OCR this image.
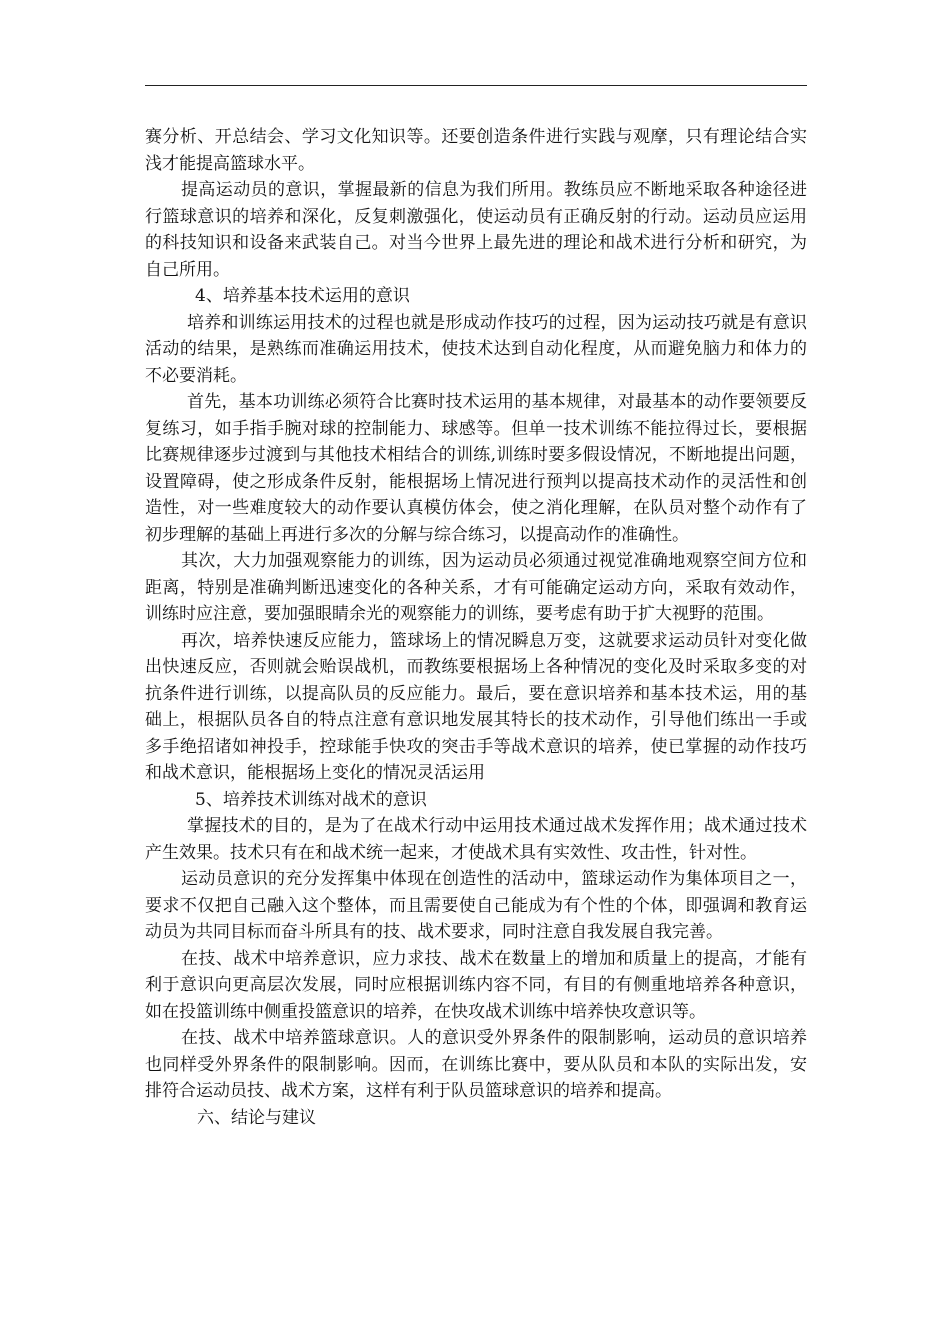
赛分析、开总结会、学习文化知识等。还要创造条件进行实践与观摩，只有理论结合实浅才能提高篮球水平。

提高运动员的意识，掌握最新的信息为我们所用。教练员应不断地采取各种途径进行篮球意识的培养和深化，反复刺激强化，使运动员有正确反射的行动。运动员应运用的科技知识和设备来武装自己。对当今世界上最先进的理论和战术进行分析和研究，为自己所用。

4、培养基本技术运用的意识

培养和训练运用技术的过程也就是形成动作技巧的过程，因为运动技巧就是有意识活动的结果，是熟练而准确运用技术，使技术达到自动化程度，从而避免脑力和体力的不必要消耗。

首先，基本功训练必须符合比赛时技术运用的基本规律，对最基本的动作要领要反复练习，如手指手腕对球的控制能力、球感等。但单一技术训练不能拉得过长，要根据比赛规律逐步过渡到与其他技术相结合的训练,训练时要多假设情况，不断地提出问题，设置障碍，使之形成条件反射，能根据场上情况进行预判以提高技术动作的灵活性和创造性，对一些难度较大的动作要认真模仿体会，使之消化理解，在队员对整个动作有了初步理解的基础上再进行多次的分解与综合练习，以提高动作的准确性。

其次，大力加强观察能力的训练，因为运动员必须通过视觉准确地观察空间方位和距离，特别是准确判断迅速变化的各种关系，才有可能确定运动方向，采取有效动作，训练时应注意，要加强眼睛余光的观察能力的训练，要考虑有助于扩大视野的范围。

再次，培养快速反应能力，篮球场上的情况瞬息万变，这就要求运动员针对变化做出快速反应，否则就会贻误战机，而教练要根据场上各种情况的变化及时采取多变的对抗条件进行训练，以提高队员的反应能力。最后，要在意识培养和基本技术运，用的基础上，根据队员各自的特点注意有意识地发展其特长的技术动作，引导他们练出一手或多手绝招诸如神投手，控球能手快攻的突击手等战术意识的培养，使已掌握的动作技巧和战术意识，能根据场上变化的情况灵活运用

5、培养技术训练对战术的意识

掌握技术的目的，是为了在战术行动中运用技术通过战术发挥作用；战术通过技术产生效果。技术只有在和战术统一起来，才使战术具有实效性、攻击性，针对性。

运动员意识的充分发挥集中体现在创造性的活动中，篮球运动作为集体项目之一，要求不仅把自己融入这个整体，而且需要使自己能成为有个性的个体，即强调和教育运动员为共同目标而奋斗所具有的技、战术要求，同时注意自我发展自我完善。

在技、战术中培养意识，应力求技、战术在数量上的增加和质量上的提高，才能有利于意识向更高层次发展，同时应根据训练内容不同，有目的有侧重地培养各种意识，如在投篮训练中侧重投篮意识的培养，在快攻战术训练中培养快攻意识等。

在技、战术中培养篮球意识。人的意识受外界条件的限制影响，运动员的意识培养也同样受外界条件的限制影响。因而，在训练比赛中，要从队员和本队的实际出发，安排符合运动员技、战术方案，这样有利于队员篮球意识的培养和提高。

六、结论与建议
